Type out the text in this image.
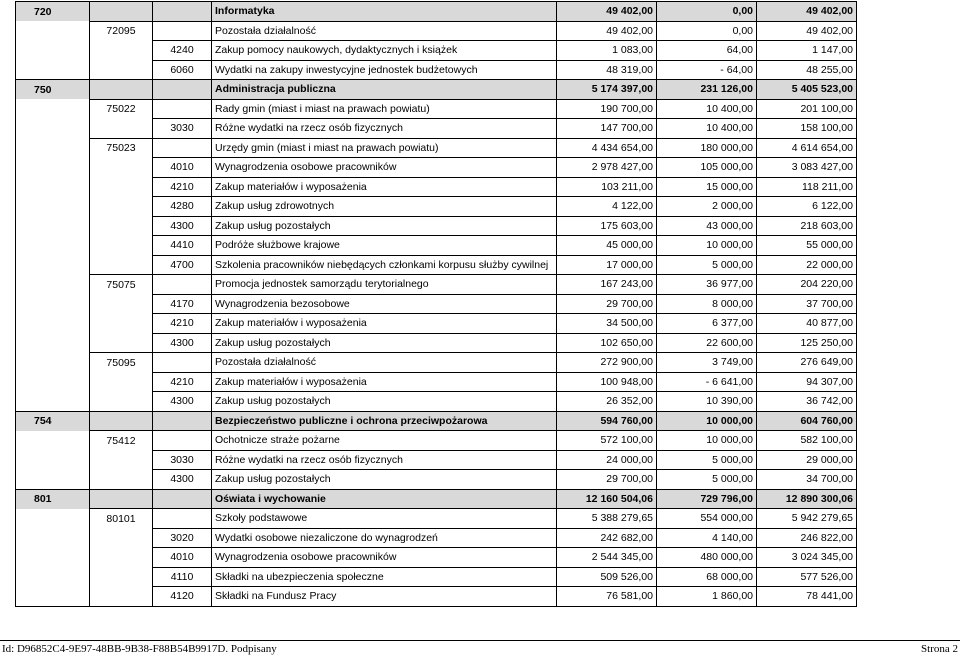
720			Informatyka	49 402,00	0,00	49 402,00
	72095		Pozostała działalność	49 402,00	0,00	49 402,00
		4240	Zakup pomocy naukowych, dydaktycznych i książek	1 083,00	64,00	1 147,00
		6060	Wydatki na zakupy inwestycyjne jednostek budżetowych	48 319,00	- 64,00	48 255,00
750			Administracja publiczna	5 174 397,00	231 126,00	5 405 523,00
	75022		Rady gmin (miast i miast na prawach powiatu)	190 700,00	10 400,00	201 100,00
		3030	Różne wydatki na rzecz osób fizycznych	147 700,00	10 400,00	158 100,00
	75023		Urzędy gmin (miast i miast na prawach powiatu)	4 434 654,00	180 000,00	4 614 654,00
		4010	Wynagrodzenia osobowe pracowników	2 978 427,00	105 000,00	3 083 427,00
		4210	Zakup materiałów i wyposażenia	103 211,00	15 000,00	118 211,00
		4280	Zakup usług zdrowotnych	4 122,00	2 000,00	6 122,00
		4300	Zakup usług pozostałych	175 603,00	43 000,00	218 603,00
		4410	Podróże służbowe krajowe	45 000,00	10 000,00	55 000,00
		4700	Szkolenia pracowników niebędących członkami korpusu służby cywilnej	17 000,00	5 000,00	22 000,00
	75075		Promocja jednostek samorządu terytorialnego	167 243,00	36 977,00	204 220,00
		4170	Wynagrodzenia bezosobowe	29 700,00	8 000,00	37 700,00
		4210	Zakup materiałów i wyposażenia	34 500,00	6 377,00	40 877,00
		4300	Zakup usług pozostałych	102 650,00	22 600,00	125 250,00
	75095		Pozostała działalność	272 900,00	3 749,00	276 649,00
		4210	Zakup materiałów i wyposażenia	100 948,00	- 6 641,00	94 307,00
		4300	Zakup usług pozostałych	26 352,00	10 390,00	36 742,00
754			Bezpieczeństwo publiczne i ochrona przeciwpożarowa	594 760,00	10 000,00	604 760,00
	75412		Ochotnicze straże pożarne	572 100,00	10 000,00	582 100,00
		3030	Różne wydatki na rzecz osób fizycznych	24 000,00	5 000,00	29 000,00
		4300	Zakup usług pozostałych	29 700,00	5 000,00	34 700,00
801			Oświata i wychowanie	12 160 504,06	729 796,00	12 890 300,06
	80101		Szkoły podstawowe	5 388 279,65	554 000,00	5 942 279,65
		3020	Wydatki osobowe niezaliczone do wynagrodzeń	242 682,00	4 140,00	246 822,00
		4010	Wynagrodzenia osobowe pracowników	2 544 345,00	480 000,00	3 024 345,00
		4110	Składki na ubezpieczenia społeczne	509 526,00	68 000,00	577 526,00
		4120	Składki na Fundusz Pracy	76 581,00	1 860,00	78 441,00
Id: D96852C4-9E97-48BB-9B38-F88B54B9917D. Podpisany	Strona 2
